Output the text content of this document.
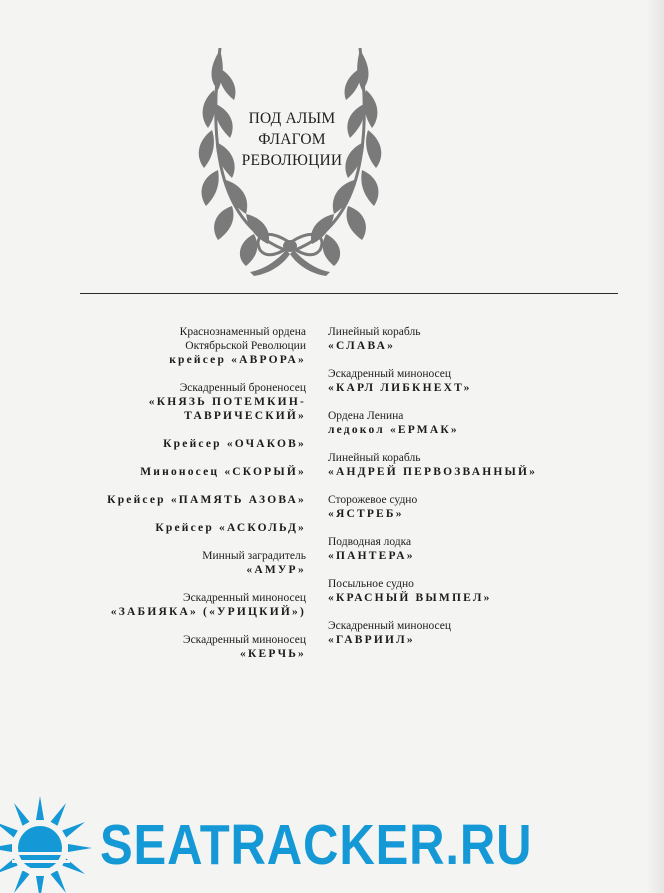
ПОД АЛЫМ
ФЛАГОМ
РЕВОЛЮЦИИ
Краснознаменный ордена
Октябрьской Революции
крейсер «АВРОРА»
Эскадренный броненосец
«КНЯЗЬ ПОТЕМКИН-
ТАВРИЧЕСКИЙ»
Крейсер «ОЧАКОВ»
Миноносец «СКОРЫЙ»
Крейсер «ПАМЯТЬ АЗОВА»
Крейсер «АСКОЛЬД»
Минный заградитель
«АМУР»
Эскадренный миноносец
«ЗАБИЯКА» («УРИЦКИЙ»)
Эскадренный миноносец
«КЕРЧЬ»
Линейный корабль
«СЛАВА»
Эскадренный миноносец
«КАРЛ ЛИБКНЕХТ»
Ордена Ленина
ледокол «ЕРМАК»
Линейный корабль
«АНДРЕЙ ПЕРВОЗВАННЫЙ»
Сторожевое судно
«ЯСТРЕБ»
Подводная лодка
«ПАНТЕРА»
Посыльное судно
«КРАСНЫЙ ВЫМПЕЛ»
Эскадренный миноносец
«ГАВРИИЛ»
SEATRACKER.RU
